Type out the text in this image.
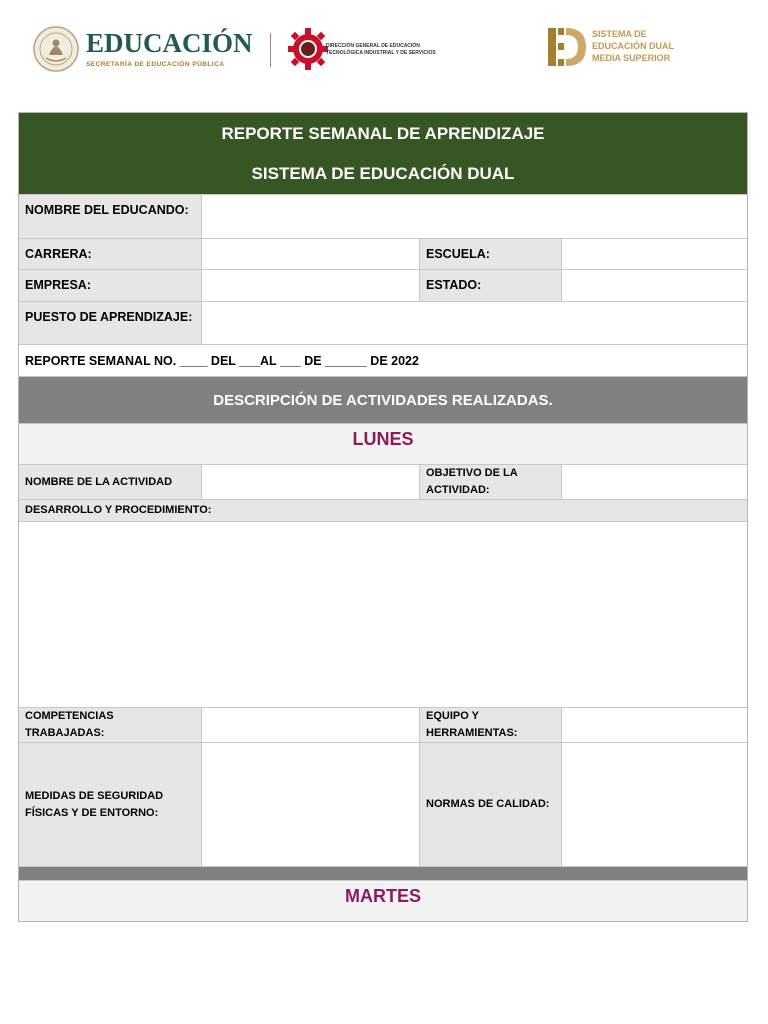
EDUCACIÓN
SECRETARÍA DE EDUCACIÓN PÚBLICA
DIRECCIÓN GENERAL DE EDUCACIÓN
TECNOLÓGICA INDUSTRIAL Y DE SERVICIOS
SISTEMA DE
EDUCACIÓN DUAL
MEDIA SUPERIOR
REPORTE SEMANAL DE APRENDIZAJE
SISTEMA DE EDUCACIÓN DUAL
NOMBRE DEL EDUCANDO:
CARRERA:	ESCUELA:
EMPRESA:	ESTADO:
PUESTO DE APRENDIZAJE:
REPORTE SEMANAL NO. ____ DEL ___AL ___ DE ______ DE 2022
DESCRIPCIÓN DE ACTIVIDADES REALIZADAS.
LUNES
NOMBRE DE LA ACTIVIDAD
OBJETIVO DE LA ACTIVIDAD:
DESARROLLO Y PROCEDIMIENTO:
COMPETENCIAS TRABAJADAS:
EQUIPO Y HERRAMIENTAS:
MEDIDAS DE SEGURIDAD FÍSICAS Y DE ENTORNO:
NORMAS DE CALIDAD:
MARTES
